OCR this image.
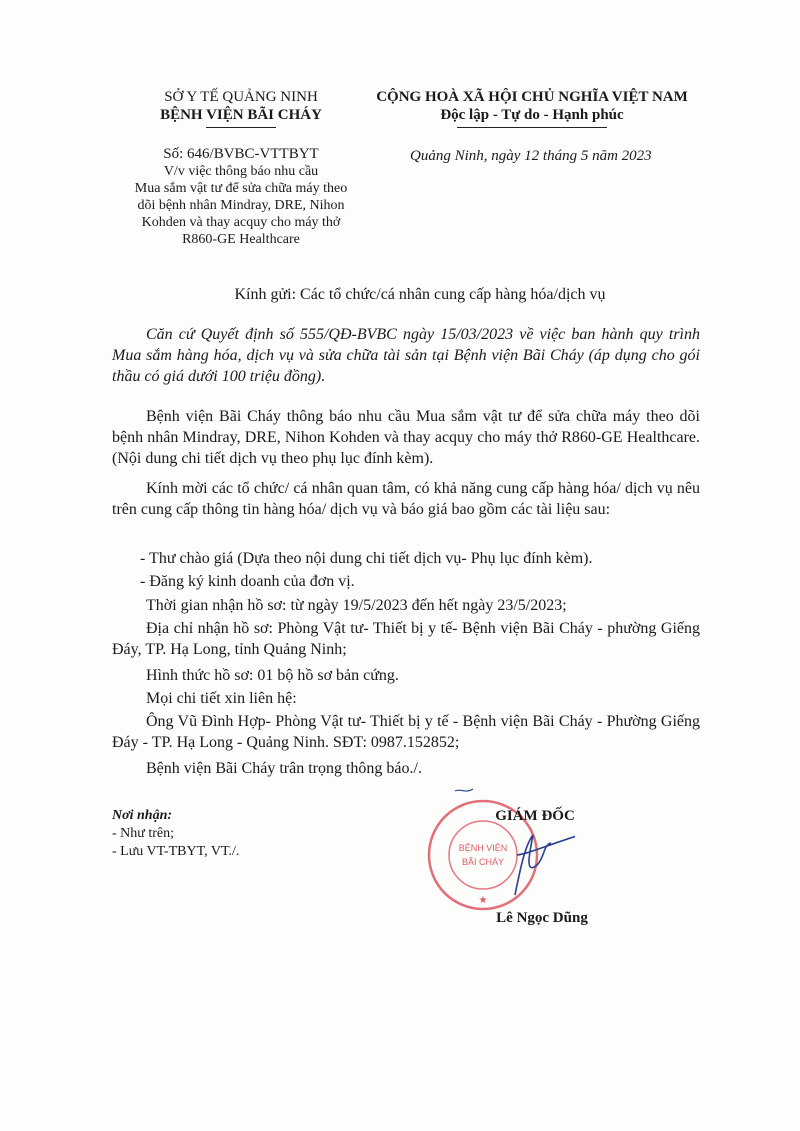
SỞ Y TẾ QUẢNG NINH
BỆNH VIỆN BÃI CHÁY
CỘNG HOÀ XÃ HỘI CHỦ NGHĨA VIỆT NAM
Độc lập - Tự do - Hạnh phúc
Số: 646/BVBC-VTTBYT
V/v việc thông báo nhu cầu
Mua sắm vật tư để sửa chữa máy theo
dõi bệnh nhân Mindray, DRE, Nihon
Kohden và thay acquy cho máy thở
R860-GE Healthcare
Quảng Ninh, ngày 12 tháng 5 năm 2023
Kính gửi: Các tổ chức/cá nhân cung cấp hàng hóa/dịch vụ
Căn cứ Quyết định số 555/QĐ-BVBC ngày 15/03/2023 về việc ban hành quy trình Mua sắm hàng hóa, dịch vụ và sửa chữa tài sản tại Bệnh viện Bãi Cháy (áp dụng cho gói thầu có giá dưới 100 triệu đồng).
Bệnh viện Bãi Cháy thông báo nhu cầu Mua sắm vật tư để sửa chữa máy theo dõi bệnh nhân Mindray, DRE, Nihon Kohden và thay acquy cho máy thở R860-GE Healthcare. (Nội dung chi tiết dịch vụ theo phụ lục đính kèm).
Kính mời các tổ chức/ cá nhân quan tâm, có khả năng cung cấp hàng hóa/ dịch vụ nêu trên cung cấp thông tin hàng hóa/ dịch vụ và báo giá bao gồm các tài liệu sau:
- Thư chào giá (Dựa theo nội dung chi tiết dịch vụ- Phụ lục đính kèm).
- Đăng ký kinh doanh của đơn vị.
Thời gian nhận hồ sơ: từ ngày 19/5/2023 đến hết ngày 23/5/2023;
Địa chỉ nhận hồ sơ: Phòng Vật tư- Thiết bị y tế- Bệnh viện Bãi Cháy - phường Giếng Đáy, TP. Hạ Long, tỉnh Quảng Ninh;
Hình thức hồ sơ: 01 bộ hồ sơ bản cứng.
Mọi chi tiết xin liên hệ:
Ông Vũ Đình Hợp- Phòng Vật tư- Thiết bị y tế - Bệnh viện Bãi Cháy - Phường Giếng Đáy - TP. Hạ Long - Quảng Ninh. SĐT: 0987.152852;
Bệnh viện Bãi Cháy trân trọng thông báo./.
Nơi nhận:
- Như trên;
- Lưu VT-TBYT, VT./.	BỆNH VIỆN
BÃI CHÁY
★
GIÁM ĐỐC
Lê Ngọc Dũng
